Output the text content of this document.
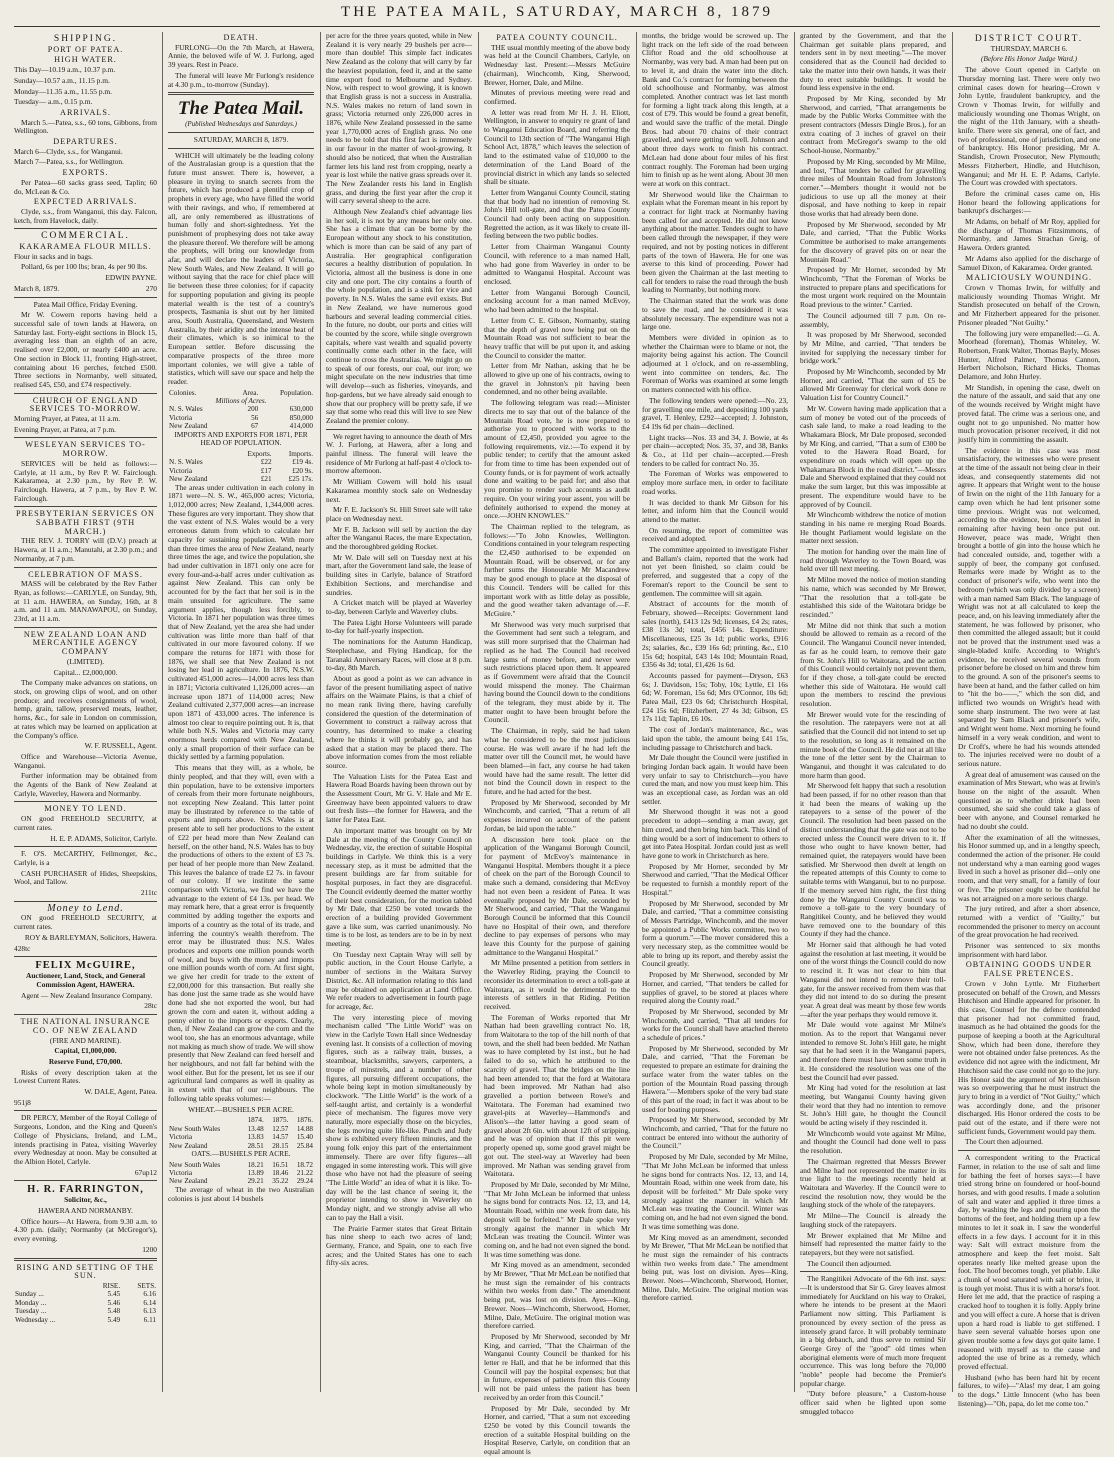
THE PATEA MAIL, SATURDAY, MARCH 8, 1879
SHIPPING.
PORT OF PATEA.
HIGH WATER.

This Day—10.19 a.m., 10.37 p.m.

Sunday—10.57 a.m., 11.15 p.m.

Monday—11.35 a.m., 11.55 p.m.

Tuesday— a.m., 0.15 p.m.

ARRIVALS.

March 5.—Patea, s.s., 60 tons, Gibbons, from Wellington.

DEPARTURES.

March 6—Clyde, s.s., for Wanganui.

March 7—Patea, s.s., for Wellington.

EXPORTS.

Per Patea—60 sacks grass seed, Taplin; 60 do, McLean & Co.

EXPECTED ARRIVALS.

Clyde, s.s., from Wanganui, this day. Falcon, ketch, from Havelock, daily.

COMMERCIAL.
KAKARAMEA FLOUR MILLS.

Flour in sacks and in bags.

Pollard, 6s per 100 lbs; bran, 4s per 90 lbs.

EDWIN PAYNE.

March 8, 1879.	270

Patea Mail Office, Friday Evening.

Mr W. Cowern reports having held a successful sale of town lands at Hawera, on Saturday last. Forty-eight sections in Block 15, averaging less than an eighth of an acre, realised over £2,000, or nearly £400 an acre. One section in Block 11, fronting High-street, containing about 16 perches, fetched £500. Three sections in Normanby, well situated, realised £45, £50, and £74 respectively.

CHURCH OF ENGLAND SERVICES TO-MORROW.

Morning Prayer, at Patea, at 11 a.m.

Evening Prayer, at Patea, at 7 p.m.

WESLEYAN SERVICES TO-MORROW.

SERVICES will be held as follows:—Carlyle, at 11 a.m., by Rev P. W. Fairclough. Kakaramea, at 2.30 p.m., by Rev P. W. Fairclough. Hawera, at 7 p.m., by Rev P. W. Fairclough.

PRESBYTERIAN SERVICES ON SABBATH FIRST (9TH MARCH.)

THE REV. J. TORRY will (D.V.) preach at Hawera, at 11 a.m.; Manutahi, at 2.30 p.m.; and Normanby, at 7 p.m.

CELEBRATION OF MASS.

MASS will be celebrated by the Rev Father Ryan, as follows:—CARLYLE, on Sunday, 9th, at 11 a.m. HAWERA, on Sunday, 16th, at 8 a.m. and 11 a.m. MANAWAPOU, on Sunday, 23rd, at 11 a.m.

NEW ZEALAND LOAN AND MERCANTILE AGENCY COMPANY

(LIMITED).

Capital... £2,000,000.

The Company make advances on stations, on stock, on growing clips of wool, and on other produce; and receives consignments of wool, hemp, grain, tallow, preserved meats, leather, horns, &c., for sale in London on commission, at rates which may be learned on application at the Company's office.

W. F. RUSSELL, Agent.

Office and Warehouse—Victoria Avenue, Wanganui.

Further information may be obtained from the Agents of the Bank of New Zealand at Carlyle, Waverley, Hawera and Normanby.

MONEY TO LEND.

ON good FREEHOLD SECURITY, at current rates.

H. E. P. ADAMS, Solicitor, Carlyle.

F. O'S. McCARTHY, Fellmonger, &c., Carlyle, is a

CASH PURCHASER of Hides, Sheepskins, Wool, and Tallow.

211tc

Money to Lend.

ON good FREEHOLD SECURITY, at current rates.

ROY & BARLEYMAN, Solicitors, Hawera.

428tc

FELIX McGUIRE,

Auctioneer, Land, Stock, and General Commission Agent, HAWERA.

Agent — New Zealand Insurance Company.

28tc

THE NATIONAL INSURANCE CO. OF NEW ZEALAND

(FIRE AND MARINE).

Capital, £1,000,000.

Reserve Fund, £70,000.

Risks of every description taken at the Lowest Current Rates.

W. DALE, Agent, Patea.

951j8

DR PERCY, Member of the Royal College of Surgeons, London, and the King and Queen's College of Physicians, Ireland, and L.M., intends practising in Patea, visiting Waverley every Wednesday at noon. May be consulted at the Albion Hotel, Carlyle.

67up12

H. R. FARRINGTON,

Solicitor, &c.,

HAWERA AND NORMANBY.

Office hours—At Hawera, from 9.30 a.m. to 4.30 p.m. (daily; Normanby (at McGregor's), every evening.

1200

RISING AND SETTING OF THE SUN.
	RISE.	SETS.
Sunday ...	5.45	6.16
Monday ...	5.46	6.14
Tuesday ...	5.48	6.13
Wednesday ...	5.49	6.11
DEATH.

FURLONG—On the 7th March, at Hawera, Annie, the beloved wife of W. J. Furlong, aged 39 years. Rest in Peace.

The funeral will leave Mr Furlong's residence at 4.30 p.m., to-morrow (Sunday).

The Patea Mail.
(Published Wednesdays and Saturdays.)

SATURDAY, MARCH 8, 1879.

WHICH will ultimately be the leading colony of the Australasian group is a question that the future must answer. There is, however, a pleasure in trying to snatch secrets from the future, which has produced a plentiful crop of prophets in every age, who have filled the world with their ravings, and who, if remembered at all, are only remembered as illustrations of human folly and short-sightedness. Yet the punishment of prophesying does not take away the pleasure thereof. We therefore will be among the prophets, will bring our knowledge from afar, and will declare the leaders of Victoria, New South Wales, and New Zealand. It will go without saying that the race for chief place will lie between these three colonies; for if capacity for supporting population and giving its people material wealth is the test of a country's prospects, Tasmania is shut out by her limited area, South Australia, Queensland, and Western Australia, by their aridity and the intense heat of their climates, which is so inimical to the European settler. Before discussing the comparative prospects of the three more important colonies, we will give a table of statistics, which will save our space and help the reader.

Colonies.	Area.	Population.
Millions of Acres.		
N. S. Wales	200	630,000
Victoria	56	850,000
New Zealand	67	414,000

IMPORTS AND EXPORTS FOR 1871, PER HEAD OF POPULATION.

	Exports.	Imports.
N. S. Wales	£22	£19 4s.
Victoria	£17	£20 9s.
New Zealand	£21	£25 17s.

The areas under cultivation in each colony in 1871 were—N. S. W., 465,000 acres; Victoria, 1,012,000 acres; New Zealand, 1,344,000 acres. These figures are very important. They show that the vast extent of N.S. Wales would be a very erroneous datum from which to calculate her capacity for sustaining population. With more than three times the area of New Zealand, nearly three times the age, and twice the population, she had under cultivation in 1871 only one acre for every four-and-a-half acres under cultivation as against New Zealand. This can only be accounted for by the fact that her soil is in the main unsuited for agriculture. The same argument applies, though less forcibly, to Victoria. In 1871 her population was three times that of New Zealand, yet the area she had under cultivation was little more than half of that cultivated in our more favoured colony. If we compare the returns for 1871 with those for 1876, we shall see that New Zealand is not losing her lead in agriculture. In 1876, N.S.W. cultivated 451,000 acres—14,000 acres less than in 1871; Victoria cultivated 1,126,000 acres—an increase upon 1871 of 114,000 acres; New Zealand cultivated 2,377,000 acres—an increase upon 1871 of 433,000 acres. The inference is almost too clear to require pointing out. It is, that while both N.S. Wales and Victoria may carry enormous herds compared with New Zealand, only a small proportion of their surface can be thickly settled by a farming population.

This means that they will, as a whole, be thinly peopled, and that they will, even with a thin population, have to be extensive importers of cereals from their more fortunate neighbours, not excepting New Zealand. This latter point may be illustrated by reference to the table of exports and imports above. N.S. Wales is at present able to sell her productions to the extent of £22 per head more than New Zealand can herself, on the other hand, N.S. Wales has to buy the productions of others to the extent of £3 7s. per head of her people more than New Zealand. This leaves the balance of trade £2 7s. in favour of our colony. If we institute the same comparison with Victoria, we find we have the advantage to the extent of £4 13s. per head. We may remark here, that a great error is frequently committed by adding together the exports and imports of a country as the total of its trade, and inferring the country's wealth therefrom. The error may be illustrated thus: N.S. Wales produces and exports one million pounds worth of wool, and buys with the money and imports one million pounds worth of corn. At first sight, we give her credit for trade to the extent of £2,000,000 for this transaction. But really she has done just the same trade as she would have done had she not exported the wool, but had grown the corn and eaten it, without adding a penny either to the imports or exports. Clearly, then, if New Zealand can grow the corn and the wool too, she has an enormous advantage, while not making as much show of trade. We will show presently that New Zealand can feed herself and her neighbours, and not fall far behind with the wool either. But for the present, let us see if our agricultural land compares as well in quality as in extent with that of our neighbours. The following table speaks volumes:—

WHEAT.—BUSHELS PER ACRE.

	1874.	1875.	1876.
New South Wales	13.48	12.57	14.88
Victoria	13.83	14.57	15.40
New Zealand	28.51	28.15	25.84

OATS.—BUSHELS PER ACRE.

New South Wales	18.21	16.51	18.72
Victoria	13.89	18.46	21.22
New Zealand	29.21	35.22	29.24

The average of wheat in the two Australian colonies is just about 14 bushels

per acre for the three years quoted, while in New Zealand it is very nearly 29 bushels per acre—more than double! This simple fact indicates New Zealand as the colony that will carry by far the heaviest population, feed it, and at the same time export food to Melbourne and Sydney. Now, with respect to wool growing, it is known that English grass is not a success in Australia. N.S. Wales makes no return of land sown in grass; Victoria returned only 226,000 acres in 1876, while New Zealand possessed in the same year 1,770,000 acres of English grass. No one needs to be told that this first fact is immensely in our favour in the matter of wool-growing. It should also be noticed, that when the Australian farmer lets his land rest from cropping, nearly a year is lost while the native grass spreads over it. The New Zealander rests his land in English grass, and during the first year after the crop it will carry several sheep to the acre.

Although New Zealand's chief advantage lies in her soil, it is not by any means her only one. She has a climate that can be borne by the European without any shock to his constitution, which is more than can be said of any part of Australia. Her geographical configuration secures a healthy distribution of population. In Victoria, almost all the business is done in one city and one port. The city contains a fourth of the whole population, and is a sink for vice and poverty. In N.S. Wales the same evil exists. But in New Zealand, we have numerous good harbours and several leading commercial cities. In the future, no doubt, our ports and cities will be counted by the score, while single overgrown capitals, where vast wealth and squalid poverty continually come each other in the face, will continue to cross the Australias. We might go on to speak of our forests, our coal, our iron; we might speculate on the new industries that time will develop—such as fisheries, vineyards, and hop-gardens, but we have already said enough to show that our prophecy will be pretty safe, if we say that some who read this will live to see New Zealand the premier colony.

We regret having to announce the death of Mrs W. J. Furlong, at Hawera, after a long and painful illness. The funeral will leave the residence of Mr Furlong at half-past 4 o'clock to-morrow afternoon.

Mr William Cowern will hold his usual Kakaramea monthly stock sale on Wednesday next.

Mr F. E. Jackson's St. Hill Street sale will take place on Wednesday next.

Mr F. B. Jackson will sell by auction the day after the Wanganui Races, the mare Expectation, and the thoroughbred gelding Rocket.

Mr W. Dale will sell on Tuesday next at his mart, after the Government land sale, the lease of building sites in Carlyle, balance of Stratford Exhibition Sections, and merchandise and sundries.

A Cricket match will be played at Waverley to-day, between Carlyle and Waverley clubs.

The Patea Light Horse Volunteers will parade to-day for half-yearly inspection.

The nominations for the Autumn Handicap, Steeplechase, and Flying Handicap, for the Taranaki Anniversary Races, will close at 8 p.m. to-day, 8th March.

About as good a point as we can advance in favor of the present humiliating aspect of native affairs on the Waimate Plains, is that a chief of no mean rank living there, having carefully considered the question of the determination of Government to construct a railway across that country, has determined to make a clearing where he thinks it will probably go, and has asked that a station may be placed there. The above information comes from the most reliable source.

The Valuation Lists for the Patea East and Hawera Road Boards having been thrown out by the Assessment Court, Mr G. V. Hale and Mr E. Greenway have been appointed valuers to draw out fresh lists—the former for Hawera, and the latter for Patea East.

An important matter was brought on by Mr Dale at the meeting of the County Council on Wednesday, viz, the erection of suitable Hospital buildings in Carlyle. We think this is a very necessary step, as it must be admitted that the present buildings are far from suitable for hospital purposes, in fact they are disgraceful. The Council evidently deemed the matter worthy of their best consideration, for the motion tabled by Mr Dale, that £250 be voted towards the erection of a building provided Government gave a like sum, was carried unanimously. No time is to be lost, as tenders are to be in by next meeting.

On Tuesday next Captain Wray will sell by public auction, in the Court House Carlyle, a number of sections in the Waitara Survey District, &c. All information relating to this land may be obtained on application at Land Office. We refer readers to advertisement in fourth page for acreage, &c.

The very interesting piece of moving mechanism called "The Little World" was on view in the Carlyle Town Hall since Wednesday evening last. It consists of a collection of moving figures, such as a railway train, busses, a steamboat, blacksmiths, sawyers, carpenters, a troupe of minstrels, and a number of other figures, all pursuing different occupations, the whole being kept in motion simultaneously by clockwork. "The Little World" is the work of a self-taught artist, and certainly is a wonderful piece of mechanism. The figures move very naturally, more especially those on the bicycles, the legs moving quite life-like. Punch and Judy show is exhibited every fifteen minutes, and the young folk enjoy this part of the entertainment immensely. There are over fifty figures—all engaged in some interesting work. This will give those who have not had the pleasure of seeing "The Little World" an idea of what it is like. To-day will be the last chance of seeing it, the proprietor intending to show in Waverley on Monday night, and we strongly advise all who can to pay the Hall a visit.

The Prairie Farmer states that Great Britain has nine sheep to each two acres of land; Germany, France, and Spain, one to each five acres; and the United States has one to each fifty-six acres.

PATEA COUNTY COUNCIL.

THE usual monthly meeting of the above body was held at the Council Chambers, Carlyle, on Wednesday last. Present:—Messrs McGuire (chairman), Winchcomb, King, Sherwood, Brewer, Horner, Dale, and Milne.

Minutes of previous meeting were read and confirmed.

A letter was read from Mr H. J. H. Eliott, Wellington, in answer to enquiry re grant of land to Wanganui Education Board, and referring the Council to 13th section of "The Wanganui High School Act, 1878," which leaves the selection of land to the estimated value of £10,000 to the determination of the Land Board of the provincial district in which any lands so selected shall be situate.

Letter from Wanganui County Council, stating that that body had no intention of removing St. John's Hill toll-gate, and that the Patea County Council had only been acting on supposition. Regretted the action, as it was likely to create ill-feeling between the two public bodies.

Letter from Chairman Wanganui County Council, with reference to a man named Hall, who had gone from Waverley in order to be admitted to Wanganui Hospital. Account was enclosed.

Letter from Wanganui Borough Council, enclosing account for a man named McEvoy, who had been admitted to the hospital.

Letter from C. E. Gibson, Normanby, stating that the depth of gravel now being put on the Mountain Road was not sufficient to bear the heavy traffic that will be put upon it, and asking the Council to consider the matter.

Letter from Mr Nathan, asking that he be allowed to give up one of his contracts, owing to the gravel in Johnston's pit having been condemned, and no other being available.

The following telegram was read:—Minister directs me to say that out of the balance of the Mountain Road vote, he is now prepared to authorise you to proceed with works to the amount of £2,450, provided you agree to the following requirements, viz.:—To expend it by public tender; to certify that the amount asked for from time to time has been expended out of County funds, or is for payment of work actually done and waiting to be paid for; and also that you promise to render such accounts as audit require. On your wiring your assent, you will be definitely authorised to expend the money at once.—JOHN KNOWLES."

The Chairman replied to the telegram, as follows:—"To John Knowles, Wellington. Conditions contained in your telegram respecting the £2,450 authorised to be expended on Mountain Road, will be observed, or for any further sums the Honourable Mr Macandrew may be good enough to place at the disposal of this Council. Tenders will be called for this important work with as little delay as possible, and the good weather taken advantage of.—F. McGuire."

Mr Sherwood was very much surprised that the Government had sent such a telegram, and was still more surprised that the Chairman had replied as he had. The Council had received large sums of money before, and never were such restrictions placed upon them. It appeared as if Government were afraid that the Council would misspend the money. The Chairman having bound the Council down to the conditions of the telegram, they must abide by it. The matter ought to have been brought before the Council.

The Chairman, in reply, said he had taken what he considered to be the most judicious course. He was well aware if he had left the matter over till the Council met, he would have been blamed—in fact, any course he had taken would have had the same result. The letter did not bind the Council down in respect to the future, and he had acted for the best.

Proposed by Mr Sherwood, seconded by Mr Winchcomb, and carried, "That a return of all expenses incurred on account of the patient Jordan, be laid upon the table."

A discussion here took place on the application of the Wanganui Borough Council, for payment of McEvoy's maintenance in Wanganui Hospital. Members thought it a piece of cheek on the part of the Borough Council to make such a demand, considering that McEvoy had not even been a resident of Patea. It was eventually proposed by Mr Dale, seconded by Mr Sherwood, and carried, "That the Wanganui Borough Council be informed that this Council have no Hospital of their own, and therefore decline to pay expenses of persons who may leave this County for the purpose of gaining admittance to the Wanganui Hospital."

Mr Milne presented a petition from settlers in the Waverley Riding, praying the Council to reconsider its determination to erect a toll-gate at Waitotara, as it would be detrimental to the interests of settlers in that Riding. Petition received.

The Foreman of Works reported that Mr Nathan had been gravelling contract No. 18, from Waitotara to the top of the hill north of that town, and the shell had been bedded. Mr Nathan was to have completed by 1st inst., but he had failed to do so, which he attributed to the scarcity of gravel. That the bridges on the line had been attended to; that the ford at Waitotara had been improved. Mr Nathan had also gravelled a portion between Rowe's and Waitotara. The Foreman had examined two gravel-pits at Waverley—Hammond's and Alison's—the latter having a good seam of gravel about 2ft 6in. with about 12ft of stripping, and he was of opinion that if this pit were properly opened up, some good gravel might be got out. The steel-way at Waverley had been improved. Mr Nathan was sending gravel from Waitotara.

Proposed by Mr Dale, seconded by Mr Milne, "That Mr John McLean be informed that unless he signs bond for contracts Nos. 12, 13, and 14, Mountain Road, within one week from date, his deposit will be forfeited." Mr Dale spoke very strongly against the manner in which Mr McLean was treating the Council. Winter was coming on, and he had not even signed the bond. It was time something was done.

Mr King moved as an amendment, seconded by Mr Brewer, "That Mr McLean be notified that he must sign the remainder of his contracts within two weeks from date." The amendment being put, was lost on division. Ayes—King, Brewer. Noes—Winchcomb, Sherwood, Horner, Milne, Dale, McGuire. The original motion was therefore carried.

Proposed by Mr Sherwood, seconded by Mr King, and carried, "That the Chairman of the Wanganui County Council be thanked for his letter re Hall, and that he be informed that this Council will pay the hospital expenses; but that in future, expenses of patients from this County will not be paid unless the patient has been received by an order from this Council."

Proposed by Mr Dale, seconded by Mr Horner, and carried, "That a sum not exceeding £250 be voted by this Council towards the erection of a suitable Hospital building on the Hospital Reserve, Carlyle, on condition that an equal amount is

months, the bridge would be screwed up. The light track on the left side of the road between Cliftor Road and the old schoolhouse at Normanby, was very bad. A man had been put on to level it, and drain the water into the ditch. Bank and Co.'s contract for forming between the old schoolhouse and Normanby, was almost completed. Another contract was let last month for forming a light track along this length, at a cost of £79. This would be found a great benefit, and would save the traffic of the metal. Dingle Bros. had about 70 chains of their contract gravelled, and were getting on well. Johnson and about three days work to finish his contract. McLean had done about four miles of his first contract roughly. The Foreman had been urging him to finish up as he went along. About 30 men were at work on this contract.

Mr Sherwood would like the Chairman to explain what the Foreman meant in his report by a contract for light track at Normanby having been called for and accepted. He did not know anything about the matter. Tenders ought to have been called through the newspaper, if they were required, and not by posting notices in different parts of the town of Hawera. He for one was averse to this kind of proceeding. Power had been given the Chairman at the last meeting to call for tenders to raise the road through the bush leading to Normanby, but nothing more.

The Chairman stated that the work was done to save the road, and he considered it was absolutely necessary. The expenditure was not a large one.

Members were divided in opinion as to whether the Chairman were to blame or not, the majority being against his action. The Council adjourned at 1 o'clock, and on re-assembling, went into committee on tenders, &c. The Foreman of Works was examined at some length on matters connected with his office.

The following tenders were opened:—No. 23, for gravelling one mile, and depositing 100 yards gravel, T. Henley, £292—accepted; J. Johnston, £4 19s 6d per chain—declined.

Light tracks—Nos. 33 and 34, J. Bowie, at 4s per chain—accepted; Nos. 35, 37, and 38, Banks & Co., at 11d per chain—accepted.—Fresh tenders to be called for contract No. 35.

The Foreman of Works was empowered to employ more surface men, in order to facilitate road works.

It was decided to thank Mr Gibson for his letter, and inform him that the Council would attend to the matter.

On resuming, the report of committee was received and adopted.

The committee appointed to investigate Fisher and Ballam's claim, reported that the work had not yet been finished, so claim could be preferred, and suggested that a copy of the Foreman's report to the Council be sent to gentlemen. The committee will sit again.

Abstract of accounts for the month of February, showed—Receipts: Government land sales (north), £413 12s 9d; licenses, £4 2s; rates, £38 13s 3d; total, £456 14s. Expenditure: Miscellaneous, £25 3s 1d; public works, £916 2s; salaries, &c., £39 16s 6d; printing, &c., £10 15s 6d; hospital, £43 14s 10d; Mountain Road, £356 4s 3d; total, £1,426 1s 6d.

Accounts passed for payment—Dryson, £63 6s; J. Davidson, 15s; Toby, 10s; Lyttle, £1 16s 6d; W. Foreman, 15s 6d; Mrs O'Connor, 10s 6d; Patea Mail, £23 0s 6d; Christchurch Hospital, £24 15s 6d; Flitzherbert, 27 4s 3d; Gibson, £5 17s 11d; Taplin, £6 10s.

The cost of Jordan's maintenance, &c., was laid upon the table, the amount being £41 15s, including passage to Christchurch and back.

Mr Dale thought the Council were justified in bringing Jordan back again. It would have been very unfair to say to Christchurch—you have cured the man, and now you must keep him. This was an exceptional case, as Jordan was an old settler.

Mr Sherwood thought it was not a good precedent to adopt—sending a man away, get him cured, and then bring him back. This kind of thing would be a sort of inducement to others to get into Patea Hospital. Jordan could just as well have gone to work in Christchurch as here.

Proposed by Mr Horner, seconded by Mr Sherwood and carried, "That the Medical Officer be requested to furnish a monthly report of the Hospital."

Proposed by Mr Sherwood, seconded by Mr Dale, and carried, "That a committee consisting of Messrs Partridge, Winchcomb, and the mover be appointed a Public Works committee, two to form a quorum."—The mover considered this a very necessary step, as the committee would be able to bring up its report, and thereby assist the Council greatly.

Proposed by Mr Sherwood, seconded by Mr Horner, and carried, "That tenders be called for supplies of gravel, to be stored at places where required along the County road."

Proposed by Mr Sherwood, seconded by Mr Winchcomb, and carried, "That all tenders for works for the Council shall have attached thereto a schedule of prices."

Proposed by Mr Sherwood, seconded by Mr Dale, and carried, "That the Foreman be requested to prepare an estimate for draining the surface water from the water tables on the portion of the Mountain Road passing through Hawera."—Members spoke of the very bad state of this part of the road; in fact it was about to be used for boating purposes.

Proposed by Mr Sherwood, seconded by Mr Winchcomb, and carried, "That for the future no contract be entered into without the authority of the Council."

Proposed by Mr Dale, seconded by Mr Milne, "That Mr John McLean be informed that unless he signs bond for contracts Nos. 12, 13, and 14, Mountain Road, within one week from date, his deposit will be forfeited." Mr Dale spoke very strongly against the manner in which Mr McLean was treating the Council. Winter was coming on, and he had not even signed the bond. It was time something was done.

Mr King moved as an amendment, seconded by Mr Brewer, "That Mr McLean be notified that he must sign the remainder of his contracts within two weeks from date." The amendment being put, was lost on division. Ayes—King, Brewer. Noes—Winchcomb, Sherwood, Horner, Milne, Dale, McGuire. The original motion was therefore carried.

granted by the Government, and that the Chairman get suitable plans prepared, and tenders sent in by next meeting."—The mover considered that as the Council had decided to take the matter into their own hands, it was their duty to erect suitable buildings. It would be found less expensive in the end.

Proposed by Mr King, seconded by Mr Sherwood, and carried, "That arrangements be made by the Public Works Committee with the present contractors (Messrs Dingle Bros.), for an extra coating of 3 inches of gravel on their contract from McGregor's swamp to the old School-house, Normanby."

Proposed by Mr King, seconded by Mr Milne, and lost, "That tenders be called for gravelling three miles of Mountain Road from Johnston's corner."—Members thought it would not be judicious to use up all the money at their disposal, and have nothing to keep in repair those works that had already been done.

Proposed by Mr Sherwood, seconded by Mr Dale, and carried, "That the Public Works Committee be authorised to make arrangements for the discovery of gravel pits on or near the Mountain Road."

Proposed by Mr Horner, seconded by Mr Winchcomb, "That the Foreman of Works be instructed to prepare plans and specifications for the most urgent work required on the Mountain Road previous to the winter." Carried.

The Council adjourned till 7 p.m. On re-assembly,

It was proposed by Mr Sherwood, seconded by Mr Milne, and carried, "That tenders be invited for supplying the necessary timber for bridge work."

Proposed by Mr Winchcomb, seconded by Mr Horner, and carried, "That the sum of £5 be allowed Mr Greenway for clerical work done re Valuation List for Country Council."

Mr W. Cowern having made application that a sum of money be voted out of the proceeds of cash sale land, to make a road leading to the Whakamara Block, Mr Dale proposed, seconded by Mr King, and carried, "That a sum of £300 be voted to the Hawera Road Board, for expenditure on roads which will open up the Whakamara Block in the road district."—Messrs Dale and Sherwood explained that they could not make the sum larger, but this was impossible at present. The expenditure would have to be approved of by Council.

Mr Winchcomb withdrew the notice of motion standing in his name re merging Road Boards. He thought Parliament would legislate on the matter next session.

The motion for handing over the main line of road through Waverley to the Town Board, was held over till next meeting.

Mr Milne moved the notice of motion standing his name, which was seconded by Mr Brewer, "That the resolution that a toll-gate be established this side of the Waitotara bridge be rescinded."

Mr Milne did not think that such a motion should be allowed to remain as a record of the Council. The Wanganui Council never intended, as far as he could learn, to remove their gate from St. John's Hill to Waitotara, and the action of this Council would certainly not prevent them, for if they chose, a toll-gate could be erected whether this side of Waitotara. He would call upon the members to rescind the previous resolution.

Mr Brewer would vote for the rescinding of the resolution. The ratepayers were not at all satisfied that the Council did not intend to set up to the resolution, so long as it remained on the minute book of the Council. He did not at all like the tone of the letter sent by the Chairman to Wanganui, and thought it was calculated to do more harm than good.

Mr Sherwood felt happy that such a resolution had been passed, if for no other reason than that it had been the means of waking up the ratepayers to a sense of the power of the Council. The resolution had been passed on the distinct understanding that the gate was not to be erected unless the Council were driven to it. If those who ought to have known better, had remained quiet, the ratepayers would have been satisfied. Mr Sherwood then dwelt at length on the repeated attempts of this County to come to suitable terms with Wanganui, but to no purpose. If the memory served him right, the first thing done by the Wanganui County Council was to remove a toll-gate to the very boundary of Rangitikei County, and he believed they would have removed one to the boundary of this County if they had the chance.

Mr Horner said that although he had voted against the resolution at last meeting, it would be one of the worst things the Council could do now to rescind it. It was not clear to him that Wanganui did not intend to remove their toll-gate, for the answer received from them was that they did not intend to do so during the present year. A great deal was meant by those few words—after the year perhaps they would remove it.

Mr Dale would vote against Mr Milne's motion. As to the report that Wanganui never intended to remove St. John's Hill gate, he might say that he had seen it in the Wanganui papers, and therefore there must have been some truth in it. He considered the resolution was one of the best the Council had ever passed.

Mr King had voted for the resolution at last meeting, but Wanganui County having given their word that they had no intention to remove St. John's Hill gate, he thought the Council would be acting wisely if they rescinded it.

Mr Winchcomb would vote against Mr Milne, and thought the Council had done well to pass the resolution.

The Chairman regretted that Messrs Brewer and Milne had not represented the matter in its true light to the meetings recently held at Waitotara and Waverley. If the Council were to rescind the resolution now, they would be the laughing stock of the whole of the ratepayers.

Mr Milne—The Council is already the laughing stock of the ratepayers.

Mr Brewer explained that Mr Milne and himself had represented the matter fairly to the ratepayers, but they were not satisfied.

The Council then adjourned.

The Rangitikei Advocate of the 6th inst. says:—It is understood that Sir G. Grey leaves almost immediately for Auckland on his way to Orakei, where he intends to be present at the Maori Parliament now sitting. This Parliament is pronounced by every section of the press as intensely grand farce. It will probably terminate in a big debauch, and thus serve to remind Sir George Grey of the "good" old times when aboriginal elements were of much more frequent occurrence. This was long before the 70,000 "noble" people had become the Premier's popular charge.

"Duty before pleasure," a Custom-house officer said when he lighted upon some smuggled tobacco

DISTRICT COURT.

THURSDAY, MARCH 6.

(Before His Honor Judge Ward.)

The above Court opened in Carlyle on Thursday morning last. There were only two criminal cases down for hearing—Crown v John Lyttle, fraudulent bankruptcy, and the Crown v Thomas Irwin, for wilfully and maliciously wounding one Thomas Wright, on the night of the 11th January, with a sheath-knife. There were six general, one of fact, and two of professional, one of jurisdiction, and one of bankruptcy. His Honor presiding, Mr A. Standish, Crown Prosecutor, New Plymouth; Messrs Fitzherbert, Hindle, and Hutchison, Wanganui; and Mr H. E. P. Adams, Carlyle. The Court was crowded with spectators.

Before the criminal cases came on, His Honor heard the following applications for bankrupt's discharges:—

Mr Adams, on behalf of Mr Roy, applied for the discharge of Thomas Fitzsimmons, of Normanby, and James Strachan Greig, of Hawera. Orders granted.

Mr Adams also applied for the discharge of Samuel Dixon, of Kakaramea. Order granted.

MALICIOUSLY WOUNDING.

Crown v Thomas Irwin, for wilfully and maliciously wounding Thomas Wright. Mr Standish prosecuted on behalf of the Crown, and Mr Fitzherbert appeared for the prisoner. Prisoner pleaded "Not Guilty."

The following jury were empanelled:—G. A. Moorhead (foreman), Thomas Whiteley, W. Robertson, Frank Walter, Thomas Bayly, Moses Hunter, Alfred Palmer, Thomas Cannon, Herbert Nicholson, Richard Hicks, Thomas Delamore, and John Hurley.

Mr Standish, in opening the case, dwelt on the nature of the assault, and said that any one of the wounds received by Wright might have proved fatal. The crime was a serious one, and ought not to go unpunished. No matter how much provocation prisoner received, it did not justify him in committing the assault.

The evidence in this case was most unsatisfactory, the witnesses who were present at the time of the assault not being clear in their ideas, and consequently statements did not agree. It appears that Wright went to the house of Irwin on the night of the 11th January for a camp oven which he had lent prisoner some time previous. Wright was not welcomed, according to the evidence, but he persisted in remaining after having been once put out. However, peace was made, Wright then brought a bottle of gin into the house which he had concealed outside, and, together with a supply of beer, the company got confused. Remarks were made by Wright as to the conduct of prisoner's wife, who went into the bedroom (which was only divided by a screen) with a man named Sam Black. The language of Wright was not at all calculated to keep the peace, and, on his leaving immediately after the statement, he was followed by prisoner, who then committed the alleged assault; but it could not be proved that the instrument used was a single-bladed knife. According to Wright's evidence, he received several wounds from prisoner before he closed on him and threw him to the ground. A son of the prisoner's seems to have been at hand, and the father called on him to "hit the bo——," which the son did, and inflicted two wounds on Wright's head with some sharp instrument. The two were at last separated by Sam Black and prisoner's wife, and Wright went home. Next morning he found himself in a very weak condition, and went to Dr Croft's, where he had his wounds attended to. The injuries received were no doubt of a serious nature.

A great deal of amusement was caused on the examination of Mrs Stewart, who was at Irwin's house on the night of the assault. When questioned as to whether drink had been consumed, she said she could take a glass of beer with anyone, and Counsel remarked he had no doubt she could.

After the examination of all the witnesses, his Honor summed up, and in a lengthy speech, condemned the action of the prisoner. He could not understand why a man earning good wages lived in such a hovel as prisoner did—only one room, and that very small, for a family of four or five. The prisoner ought to be thankful he was not arraigned on a more serious charge.

The jury retired, and after a short absence, returned with a verdict of "Guilty," but recommended the prisoner to mercy on account of the great provocation he had received.

Prisoner was sentenced to six months imprisonment with hard labor.

OBTAINING GOODS UNDER FALSE PRETENCES.

Crown v John Lyttle. Mr Fitzherbert prosecuted on behalf of the Crown, and Messrs Hutchison and Hindle appeared for prisoner. In this case, Counsel for the defence contended that prisoner had not committed fraud, inasmuch as he had obtained the goods for the purpose of keeping a booth at the Agricultural Show, which had been done, therefore they were not obtained under false pretences. As the evidence did not agree with the indictment, Mr Hutchison said the case could not go to the jury. His Honor said the argument of Mr Hutchison was so overpowering that he must instruct the jury to bring in a verdict of "Not Guilty," which was accordingly done, and the prisoner discharged. His Honor ordered the costs to be paid out of the estate, and if there were not sufficient funds, Government would pay them.

The Court then adjourned.

A correspondent writing to the Practical Farmer, in relation to the use of salt and lime for bathing the feet of horses says:—I have tried strong brine on foundered or hoof-bound horses, and with good results. I made a solution of salt and water and applied it three times a day, by washing the legs and pouring upon the bottoms of the feet, and holding them up a few minutes to let it soak in. I saw the wonderful effects in a few days. I account for it in this way: Salt will extract moisture from the atmosphere and keep the feet moist. Salt operates nearly like melted grease upon the foot. The hoof becomes tough, yet pliable. Like a chunk of wood saturated with salt or brine, it is tough yet moist. Thus it is with a horse's foot. Here let me add, that the practice of rasping a cracked hoof to toughen it is folly. Apply brine and you will effect a cure. A horse that is driven upon a hard road is liable to get stiffened. I have seen several valuable horses upon one given trouble some a few days got quite lame. I reasoned with myself as to the cause and adopted the use of brine as a remedy, which proved effectual.

Husband (who has been hard hit by recent failures, to wife)—"Alas! my dear, I am going to the dogs." Little Innocent (who has been listening)—"Oh, papa, do let me come too."
